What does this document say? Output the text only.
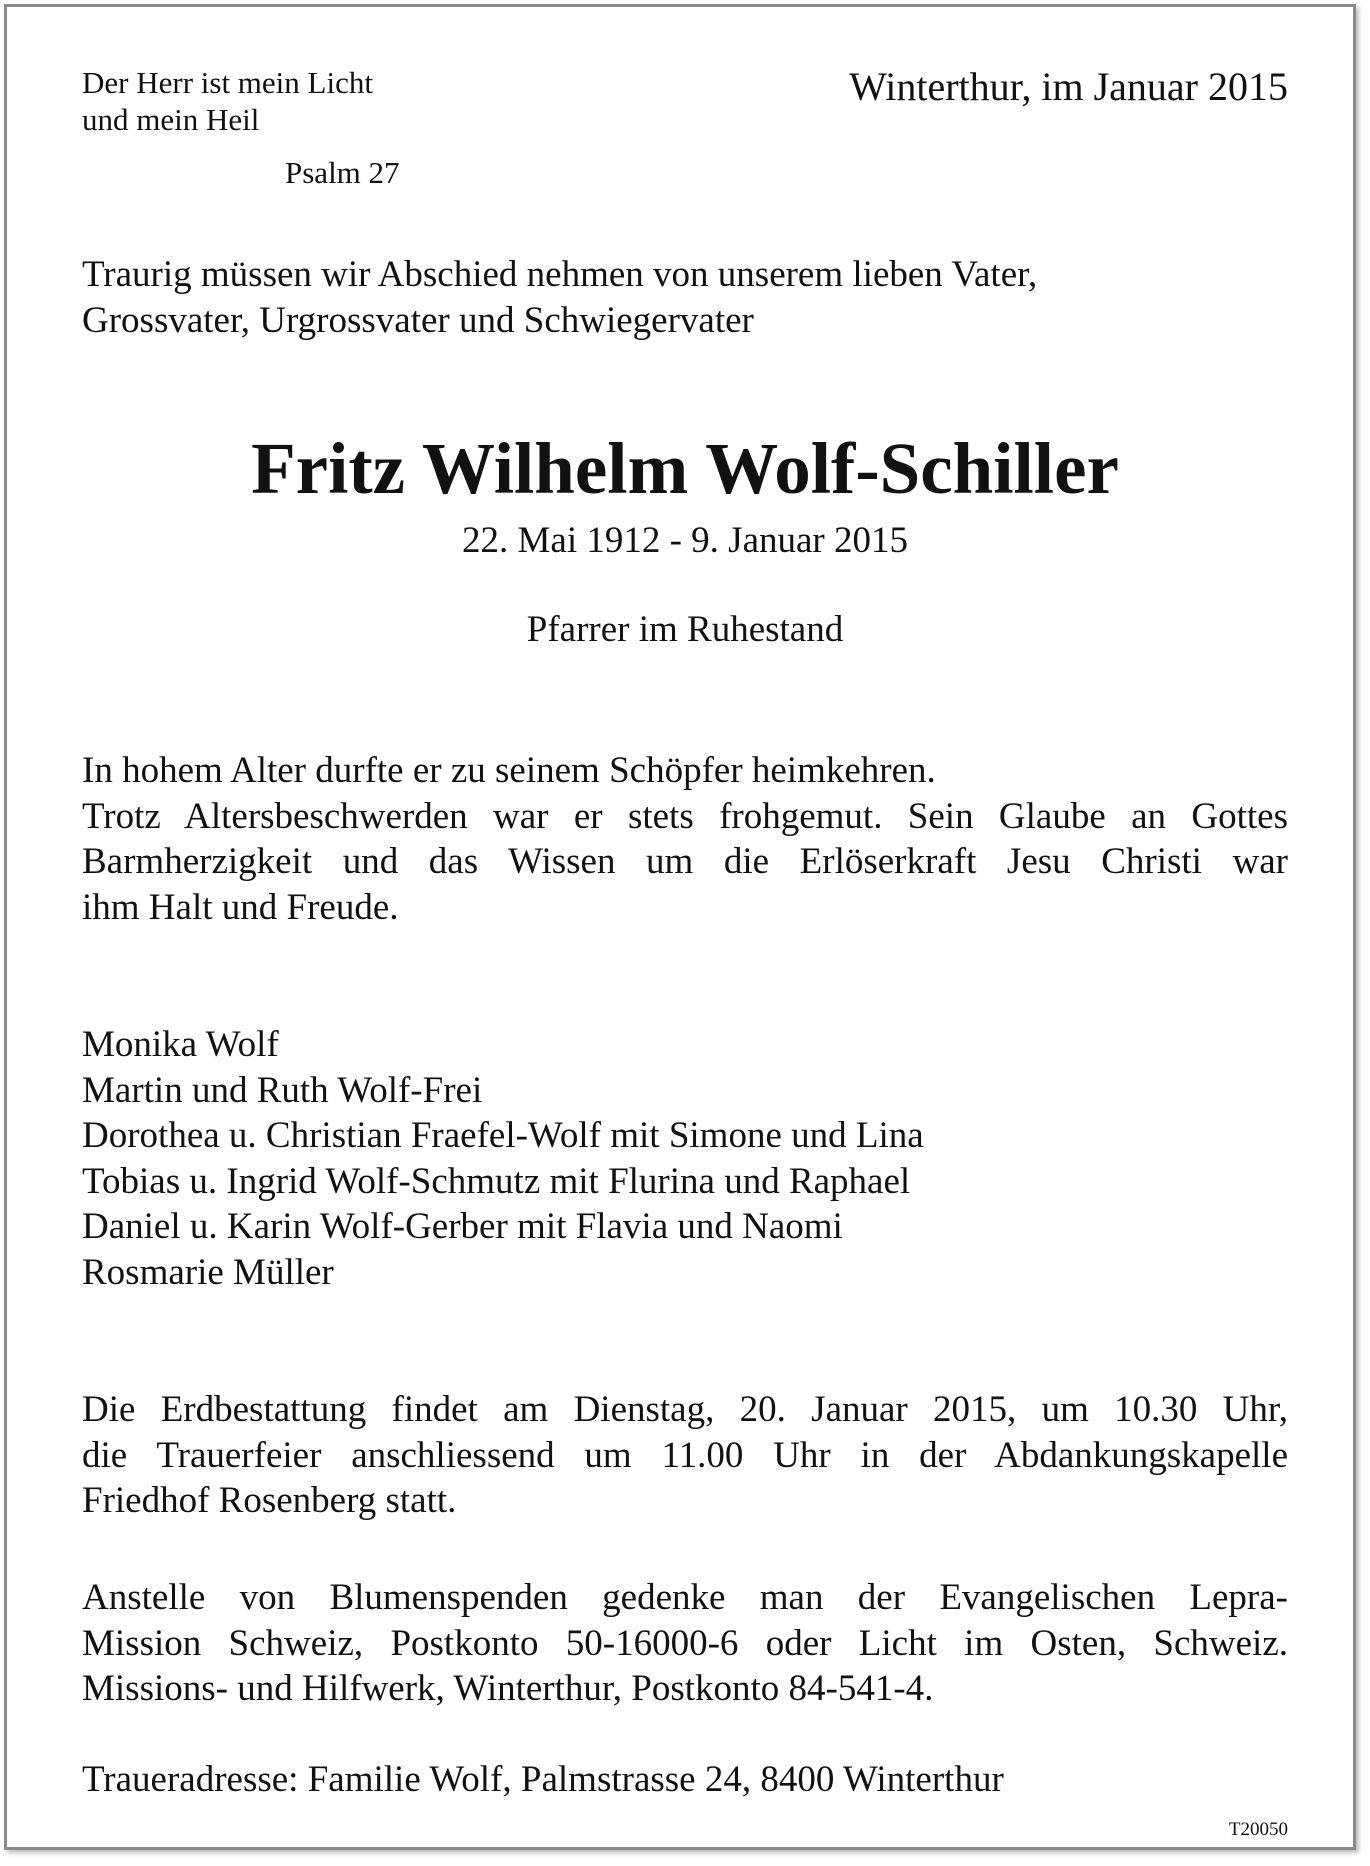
Der Herr ist mein Licht
und mein Heil
Psalm 27
Winterthur, im Januar 2015
Traurig müssen wir Abschied nehmen von unserem lieben Vater,
Grossvater, Urgrossvater und Schwiegervater
Fritz Wilhelm Wolf-Schiller
22. Mai 1912 - 9. Januar 2015
Pfarrer im Ruhestand
In hohem Alter durfte er zu seinem Schöpfer heimkehren.
Trotz Altersbeschwerden war er stets frohgemut. Sein Glaube an Gottes
Barmherzigkeit und das Wissen um die Erlöserkraft Jesu Christi war
ihm Halt und Freude.
Monika Wolf
Martin und Ruth Wolf-Frei
Dorothea u. Christian Fraefel-Wolf mit Simone und Lina
Tobias u. Ingrid Wolf-Schmutz mit Flurina und Raphael
Daniel u. Karin Wolf-Gerber mit Flavia und Naomi
Rosmarie Müller
Die Erdbestattung findet am Dienstag, 20. Januar 2015, um 10.30 Uhr,
die Trauerfeier anschliessend um 11.00 Uhr in der Abdankungskapelle
Friedhof Rosenberg statt.
Anstelle von Blumenspenden gedenke man der Evangelischen Lepra-
Mission Schweiz, Postkonto 50-16000-6 oder Licht im Osten, Schweiz.
Missions- und Hilfwerk, Winterthur, Postkonto 84-541-4.
Traueradresse: Familie Wolf, Palmstrasse 24, 8400 Winterthur
T20050
